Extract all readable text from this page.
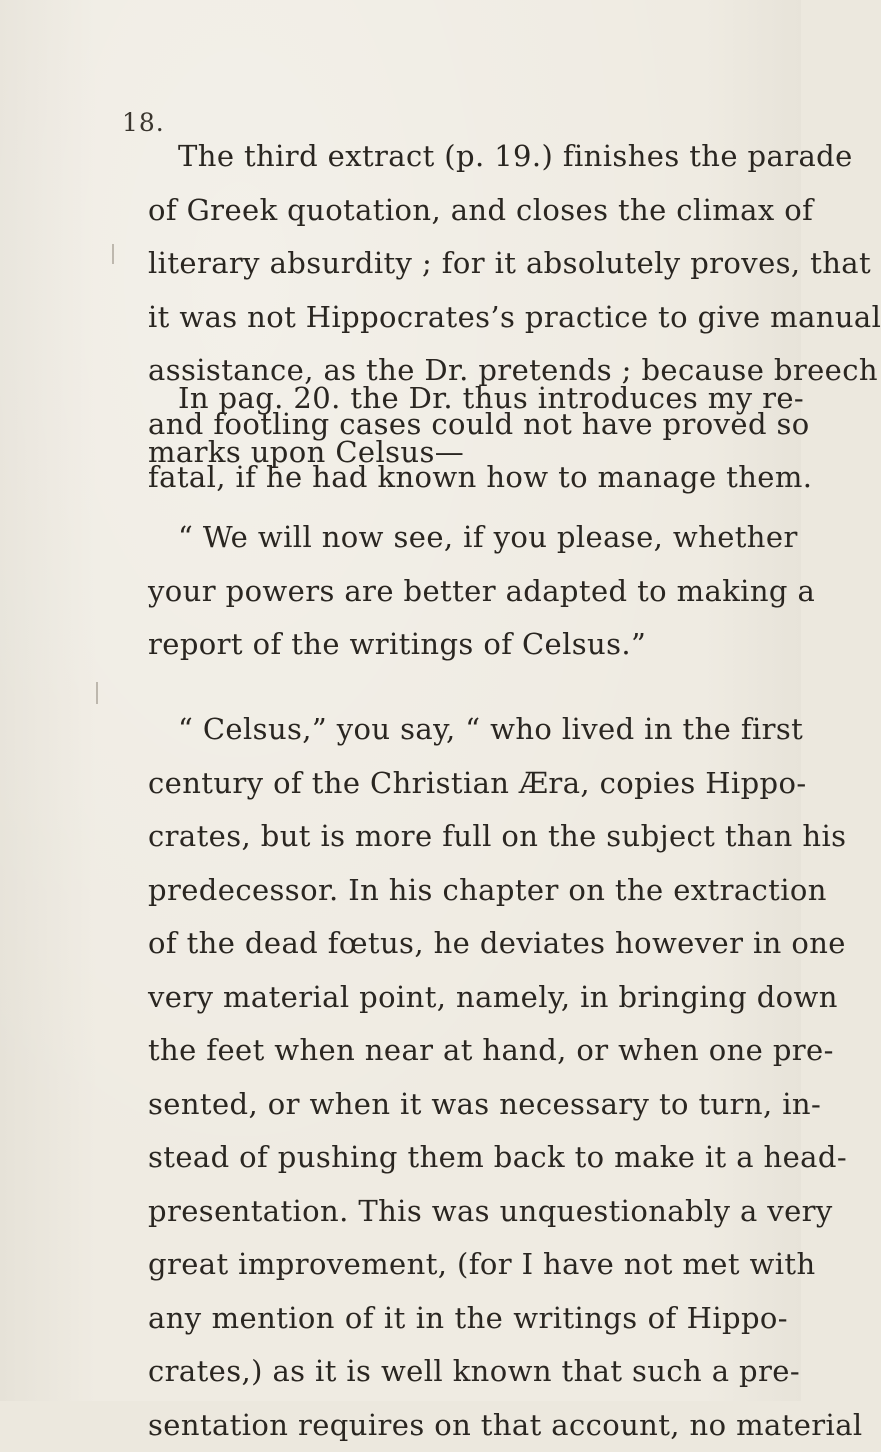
18.
The third extract (p. 19.) finishes the parade
of Greek quotation, and closes the climax of
literary absurdity ; for it absolutely proves, that
it was not Hippocrates’s practice to give manual
assistance, as the Dr. pretends ; because breech
and footling cases could not have proved so
fatal, if he had known how to manage them.
In pag. 20. the Dr. thus introduces my re-
marks upon Celsus—
“ We will now see, if you please, whether
your powers are better adapted to making a
report of the writings of Celsus.”
“ Celsus,” you say, “ who lived in the first
century of the Christian Æra, copies Hippo-
crates, but is more full on the subject than his
predecessor. In his chapter on the extraction
of the dead fœtus, he deviates however in one
very material point, namely, in bringing down
the feet when near at hand, or when one pre-
sented, or when it was necessary to turn, in-
stead of pushing them back to make it a head-
presentation. This was unquestionably a very
great improvement, (for I have not met with
any mention of it in the writings of Hippo-
crates,) as it is well known that such a pre-
sentation requires on that account, no material
